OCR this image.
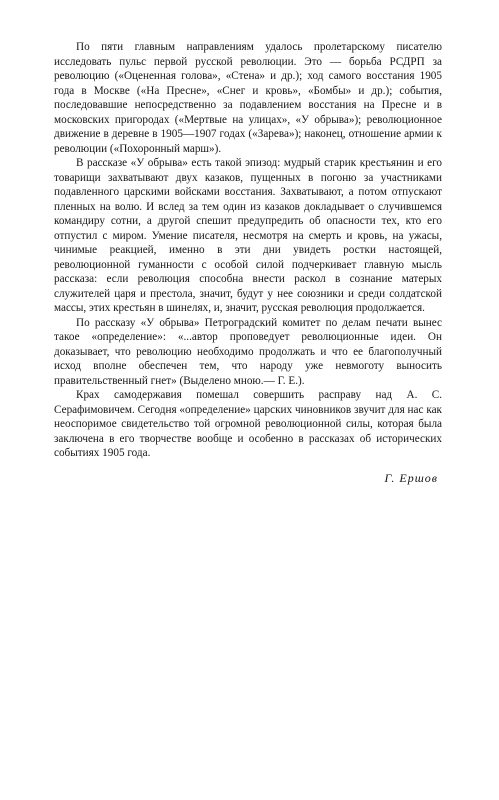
По пяти главным направлениям удалось пролетарскому писателю исследовать пульс первой русской революции. Это — борьба РСДРП за революцию («Оцененная голова», «Стена» и др.); ход самого восстания 1905 года в Москве («На Пресне», «Снег и кровь», «Бомбы» и др.); события, последовавшие непосредственно за подавлением восстания на Пресне и в московских пригородах («Мертвые на улицах», «У обрыва»); революционное движение в деревне в 1905—1907 годах («Зарева»); наконец, отношение армии к революции («Похоронный марш»).

В рассказе «У обрыва» есть такой эпизод: мудрый старик крестьянин и его товарищи захватывают двух казаков, пущенных в погоню за участниками подавленного царскими войсками восстания. Захватывают, а потом отпускают пленных на волю. И вслед за тем один из казаков докладывает о случившемся командиру сотни, а другой спешит предупредить об опасности тех, кто его отпустил с миром. Умение писателя, несмотря на смерть и кровь, на ужасы, чинимые реакцией, именно в эти дни увидеть ростки настоящей, революционной гуманности с особой силой подчеркивает главную мысль рассказа: если революция способна внести раскол в сознание матерых служителей царя и престола, значит, будут у нее союзники и среди солдатской массы, этих крестьян в шинелях, и, значит, русская революция продолжается.

По рассказу «У обрыва» Петроградский комитет по делам печати вынес такое «определение»: «...автор проповедует революционные идеи. Он доказывает, что революцию необходимо продолжать и что ее благополучный исход вполне обеспечен тем, что народу уже невмоготу выносить правительственный гнет» (Выделено мною.— Г. Е.).

Крах самодержавия помешал совершить расправу над А. С. Серафимовичем. Сегодня «определение» царских чиновников звучит для нас как неоспоримое свидетельство той огромной революционной силы, которая была заключена в его творчестве вообще и особенно в рассказах об исторических событиях 1905 года.

Г. Ершов
